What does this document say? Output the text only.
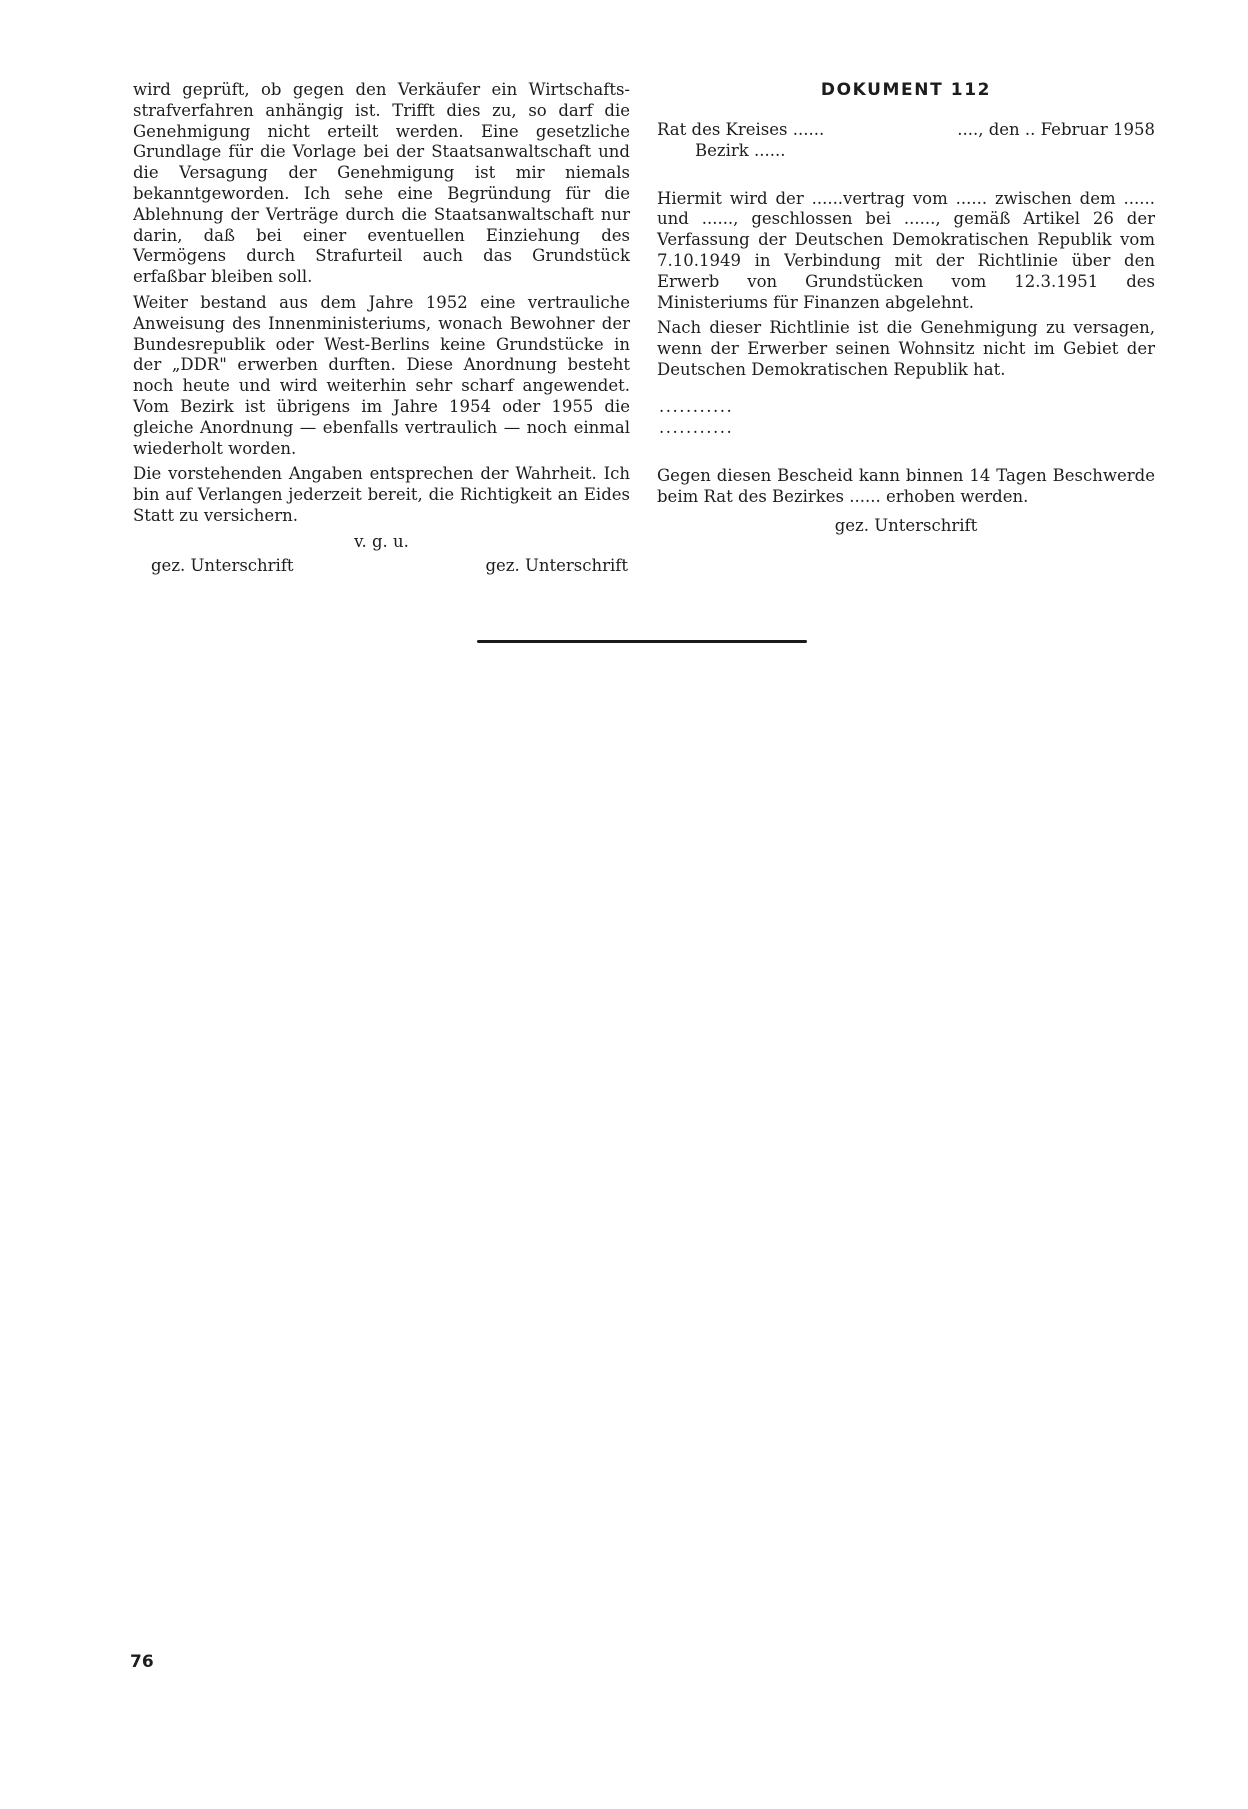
wird geprüft, ob gegen den Verkäufer ein Wirtschafts-strafverfahren anhängig ist. Trifft dies zu, so darf die Genehmigung nicht erteilt werden. Eine gesetzliche Grundlage für die Vorlage bei der Staatsanwaltschaft und die Versagung der Genehmigung ist mir niemals bekanntgeworden. Ich sehe eine Begründung für die Ablehnung der Verträge durch die Staatsanwaltschaft nur darin, daß bei einer eventuellen Einziehung des Vermögens durch Strafurteil auch das Grundstück erfaßbar bleiben soll.

Weiter bestand aus dem Jahre 1952 eine vertrauliche Anweisung des Innenministeriums, wonach Bewohner der Bundesrepublik oder West-Berlins keine Grundstücke in der „DDR" erwerben durften. Diese Anordnung besteht noch heute und wird weiterhin sehr scharf angewendet. Vom Bezirk ist übrigens im Jahre 1954 oder 1955 die gleiche Anordnung — ebenfalls vertraulich — noch einmal wiederholt worden.

Die vorstehenden Angaben entsprechen der Wahrheit. Ich bin auf Verlangen jederzeit bereit, die Richtigkeit an Eides Statt zu versichern.

v. g. u.
gez. Unterschrift	gez. Unterschrift
DOKUMENT 112
Rat des Kreises ......	...., den .. Februar 1958
Bezirk ......

Hiermit wird der ......vertrag vom ...... zwischen dem ...... und ......, geschlossen bei ......, gemäß Artikel 26 der Verfassung der Deutschen Demokratischen Republik vom 7.10.1949 in Verbindung mit der Richtlinie über den Erwerb von Grundstücken vom 12.3.1951 des Ministeriums für Finanzen abgelehnt.

Nach dieser Richtlinie ist die Genehmigung zu versagen, wenn der Erwerber seinen Wohnsitz nicht im Gebiet der Deutschen Demokratischen Republik hat.

...........
...........

Gegen diesen Bescheid kann binnen 14 Tagen Beschwerde beim Rat des Bezirkes ...... erhoben werden.

gez. Unterschrift
76
